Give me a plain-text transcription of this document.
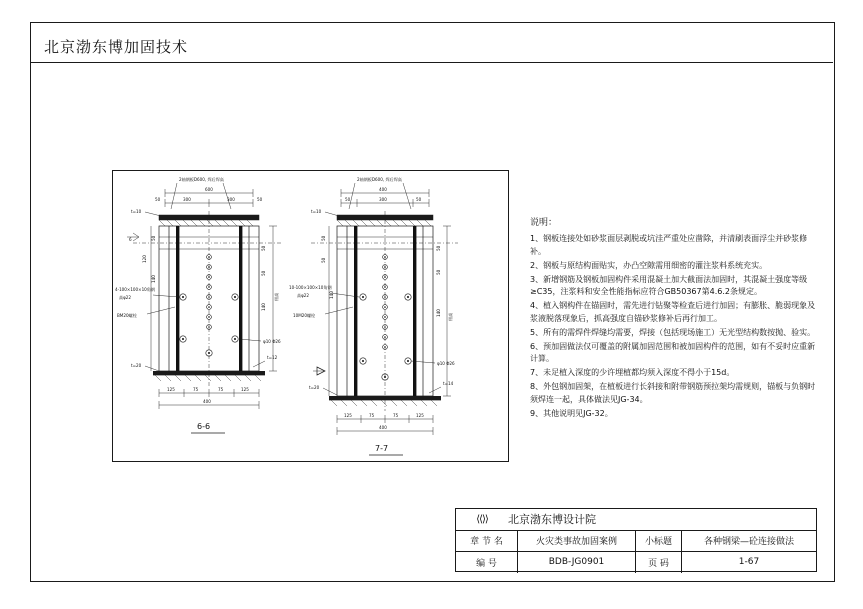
北京渤东博加固技术
600
300	300
50	50
2轴钢板D600, 焊后焊高
t=10
120
140
50
用高
50
50
140
4-100×100×10角钢
高φ22
BM20螺栓
φ10 Φ26
6
t=20
t=12
125	75	75	125
400
6-6
400
50	300	50
2轴钢板D600, 焊后焊高
t=10
50
50
140
用高
50
50
140
10-100×100×10角钢
高φ22
10M20螺栓
φ10 Φ26
t=20
t=14
125	75	75	125
400
7-7
说明：
1、钢板连接处如砂浆面层剥脱或坑洼严重处应凿除，并清刷表面浮尘并砂浆修补。
2、钢板与原结构面贴实，办凸空隙需用细密的灌注浆料系统充实。
3、新增钢筋及钢板加固构件采用混凝土加大截面法加固时，其混凝土强度等级≥C35，注浆料和安全性能指标应符合GB50367第4.6.2条规定。
4、植入钢构件在锚固时，需先进行钻聚等检查后进行加固；有膨胀、脆弱现象及浆液脱落现象后，抓高强度自锚砂浆修补后再行加工。
5、所有的需焊件焊缝均需要，焊接（包括现场施工）无光型结构数按抛、验实。
6、预加固做法仅可覆盖的附属加固范围和被加固构件的范围，如有不妥时应重新计算。
7、未足植入深度的少许埋植都均须入深度不得小于15d。
8、外包钢加固架，在植板进行长斜接和附带钢筋预拉架均需规则，锚板与负钢时须焊连一起，具体做法见JG-34。
9、其他说明见JG-32。
⟨⟨⟩⟩	北京渤东博设计院
章 节 名	火灾类事故加固案例	小标题	各种钢梁—砼连接做法
编 号	BDB-JG0901	页 码	1-67
